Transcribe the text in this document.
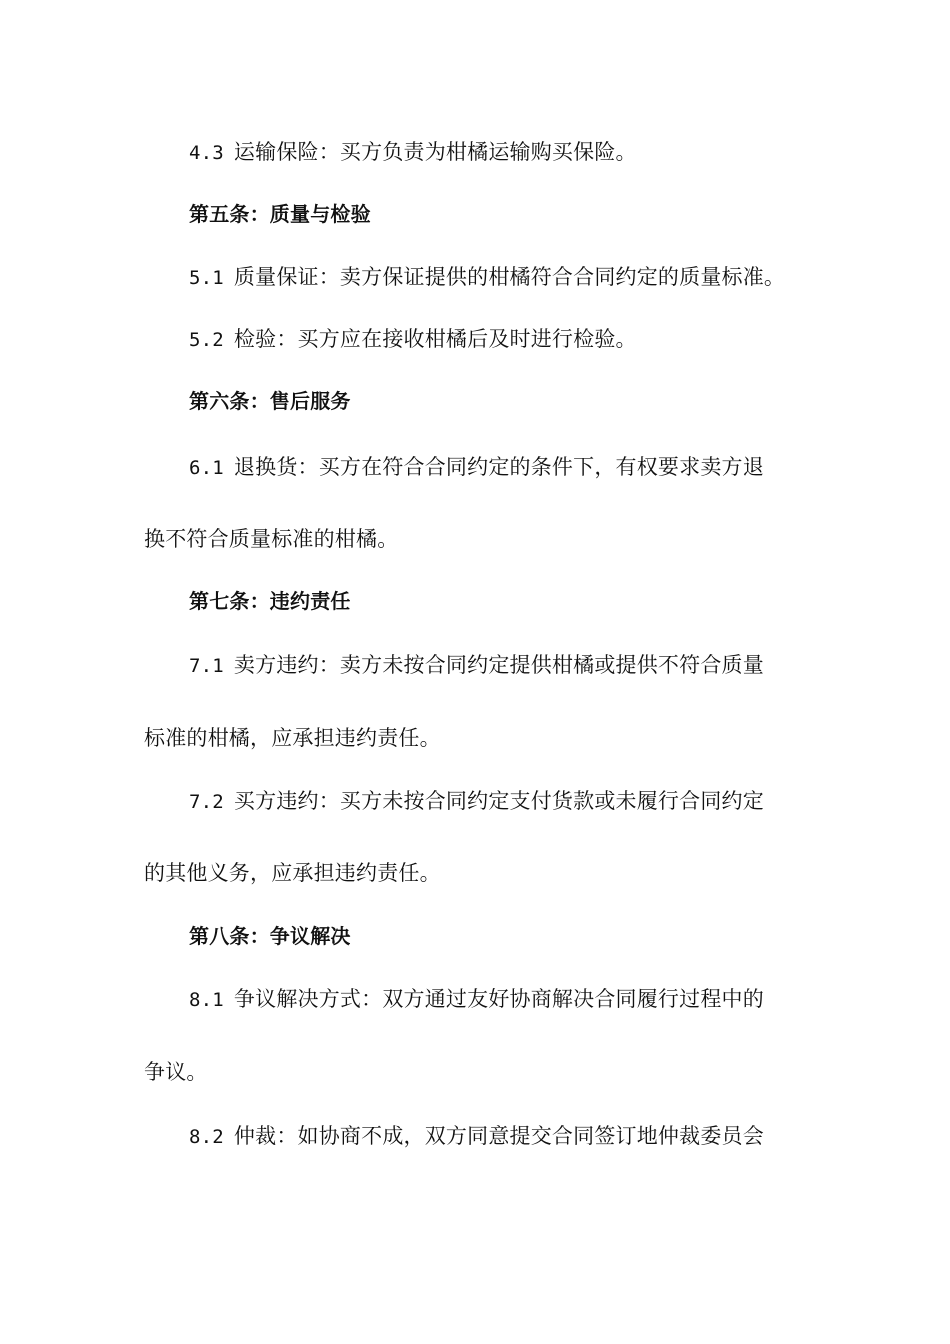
4.3 运输保险：买方负责为柑橘运输购买保险。
第五条：质量与检验
5.1 质量保证：卖方保证提供的柑橘符合合同约定的质量标准。
5.2 检验：买方应在接收柑橘后及时进行检验。
第六条：售后服务
6.1 退换货：买方在符合合同约定的条件下，有权要求卖方退
换不符合质量标准的柑橘。
第七条：违约责任
7.1 卖方违约：卖方未按合同约定提供柑橘或提供不符合质量
标准的柑橘，应承担违约责任。
7.2 买方违约：买方未按合同约定支付货款或未履行合同约定
的其他义务，应承担违约责任。
第八条：争议解决
8.1 争议解决方式：双方通过友好协商解决合同履行过程中的
争议。
8.2 仲裁：如协商不成，双方同意提交合同签订地仲裁委员会
